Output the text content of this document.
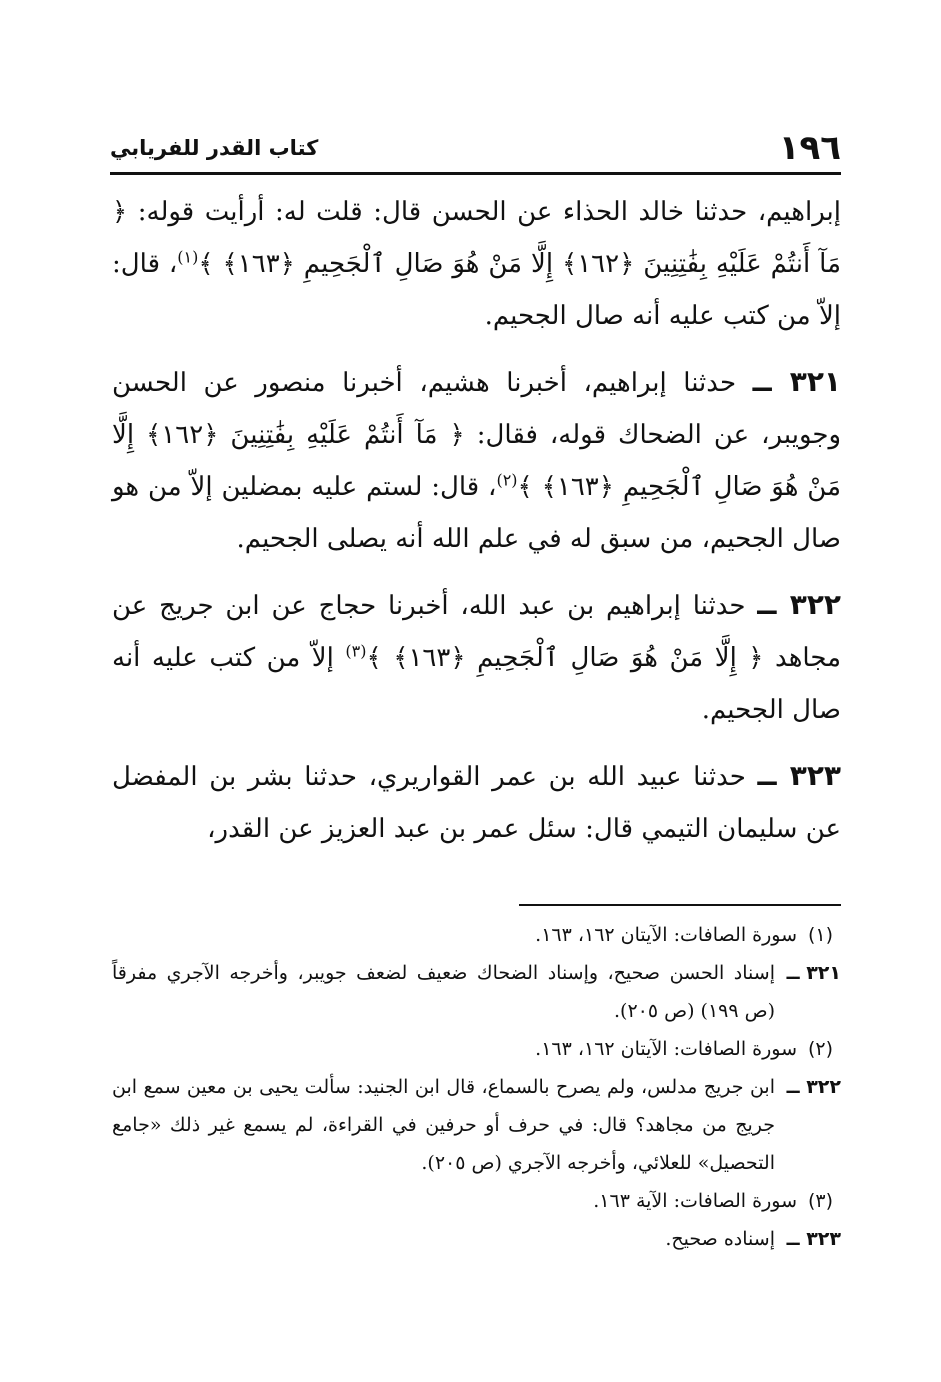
١٩٦
كتاب القدر للفريابي

إبراهيم، حدثنا خالد الحذاء عن الحسن قال: قلت له: أرأيت قوله: ﴿ مَآ أَنتُمْ عَلَيْهِ بِفَٰتِنِينَ ﴿١٦٢﴾ إِلَّا مَنْ هُوَ صَالِ ٱلْجَحِيمِ ﴿١٦٣﴾ ﴾$^{(١)}$، قال: إلاّ من كتب عليه أنه صال الجحيم.

٣٢١ ــ حدثنا إبراهيم، أخبرنا هشيم، أخبرنا منصور عن الحسن وجويبر، عن الضحاك قوله، فقال: ﴿ مَآ أَنتُمْ عَلَيْهِ بِفَٰتِنِينَ ﴿١٦٢﴾ إِلَّا مَنْ هُوَ صَالِ ٱلْجَحِيمِ ﴿١٦٣﴾ ﴾$^{(٢)}$، قال: لستم عليه بمضلين إلاّ من هو صال الجحيم، من سبق له في علم الله أنه يصلى الجحيم.

٣٢٢ ــ حدثنا إبراهيم بن عبد الله، أخبرنا حجاج عن ابن جريج عن مجاهد ﴿ إِلَّا مَنْ هُوَ صَالِ ٱلْجَحِيمِ ﴿١٦٣﴾ ﴾$^{(٣)}$ إلاّ من كتب عليه أنه صال الجحيم.

٣٢٣ ــ حدثنا عبيد الله بن عمر القواريري، حدثنا بشر بن المفضل عن سليمان التيمي قال: سئل عمر بن عبد العزيز عن القدر،

(١)
سورة الصافات: الآيتان ١٦٢، ١٦٣.

٣٢١ ــ
إسناد الحسن صحيح، وإسناد الضحاك ضعيف لضعف جويبر، وأخرجه الآجري مفرقاً (ص ١٩٩) (ص ٢٠٥).

(٢)
سورة الصافات: الآيتان ١٦٢، ١٦٣.

٣٢٢ ــ
ابن جريج مدلس، ولم يصرح بالسماع، قال ابن الجنيد: سألت يحيى بن معين سمع ابن جريج من مجاهد؟ قال: في حرف أو حرفين في القراءة، لم يسمع غير ذلك «جامع التحصيل» للعلائي، وأخرجه الآجري (ص ٢٠٥).

(٣)
سورة الصافات: الآية ١٦٣.

٣٢٣ ــ
إسناده صحيح.
